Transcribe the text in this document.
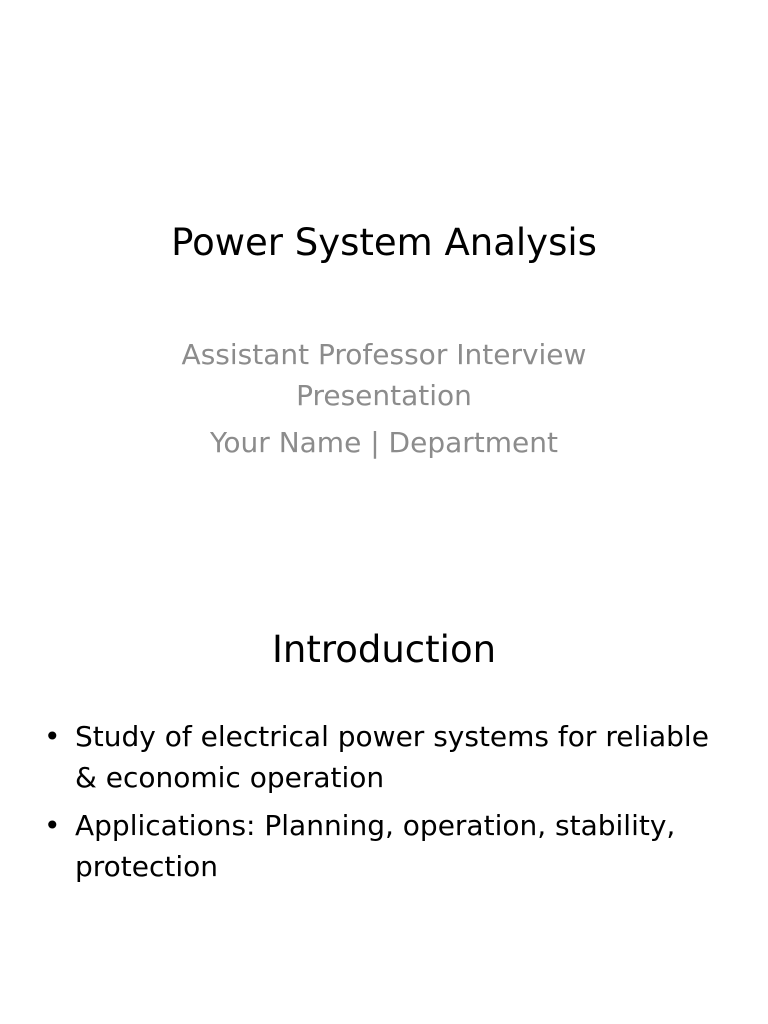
Power System Analysis
Assistant Professor Interview Presentation
Your Name | Department
Introduction
• Study of electrical power systems for reliable & economic operation
• Applications: Planning, operation, stability, protection
